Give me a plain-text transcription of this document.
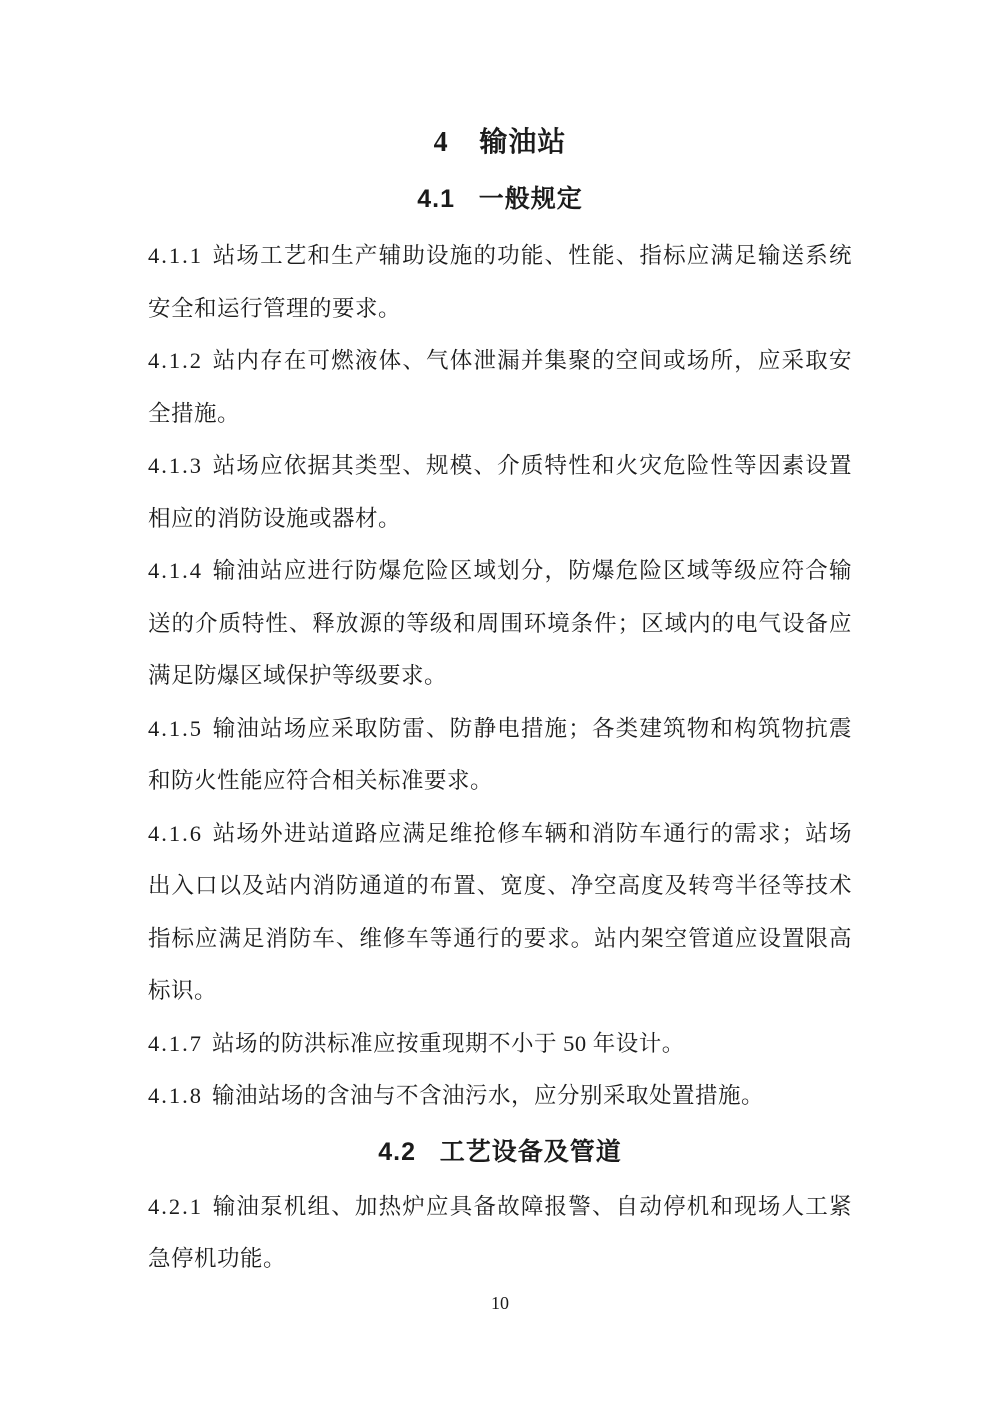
4 输油站
4.1 一般规定

4.1.1 站场工艺和生产辅助设施的功能、性能、指标应满足输送系统安全和运行管理的要求。

4.1.2 站内存在可燃液体、气体泄漏并集聚的空间或场所，应采取安全措施。

4.1.3 站场应依据其类型、规模、介质特性和火灾危险性等因素设置相应的消防设施或器材。

4.1.4 输油站应进行防爆危险区域划分，防爆危险区域等级应符合输送的介质特性、释放源的等级和周围环境条件；区域内的电气设备应满足防爆区域保护等级要求。

4.1.5 输油站场应采取防雷、防静电措施；各类建筑物和构筑物抗震和防火性能应符合相关标准要求。

4.1.6 站场外进站道路应满足维抢修车辆和消防车通行的需求；站场出入口以及站内消防通道的布置、宽度、净空高度及转弯半径等技术指标应满足消防车、维修车等通行的要求。站内架空管道应设置限高标识。

4.1.7 站场的防洪标准应按重现期不小于 50 年设计。

4.1.8 输油站场的含油与不含油污水，应分别采取处置措施。

4.2 工艺设备及管道

4.2.1 输油泵机组、加热炉应具备故障报警、自动停机和现场人工紧急停机功能。

10
